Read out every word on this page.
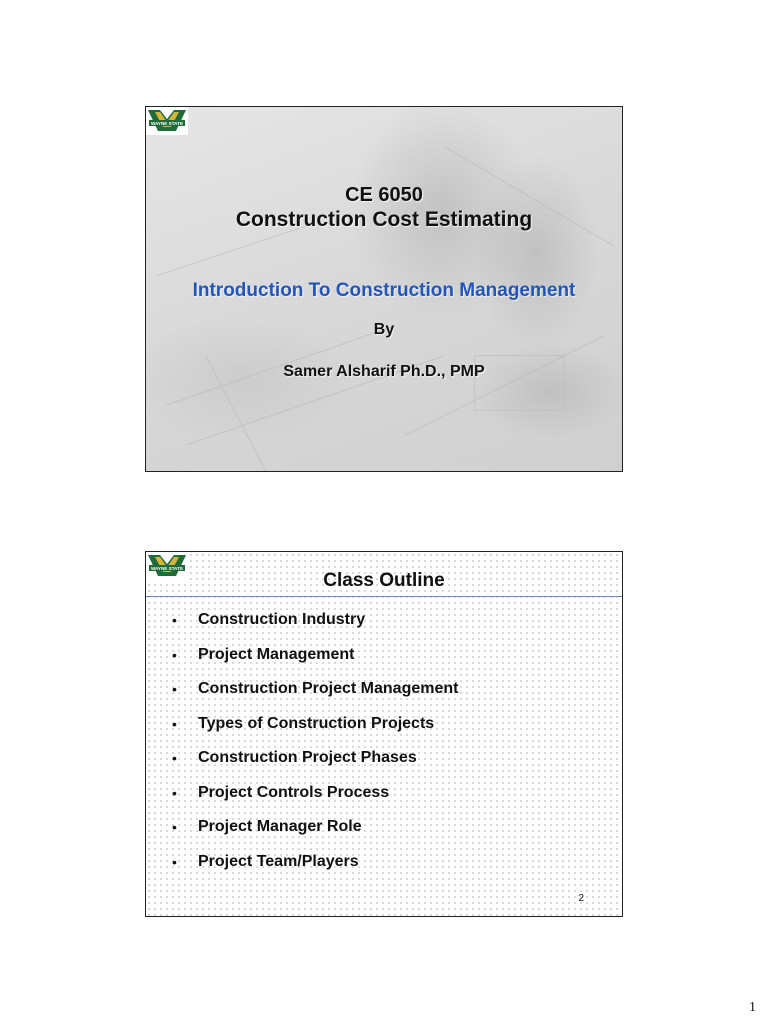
WAYNE STATE
CE 6050
Construction Cost Estimating
Introduction To Construction Management
By
Samer Alsharif Ph.D., PMP
WAYNE STATE
Class Outline
• Construction Industry
• Project Management
• Construction Project Management
• Types of Construction Projects
• Construction Project Phases
• Project Controls Process
• Project Manager Role
• Project Team/Players
2
1
